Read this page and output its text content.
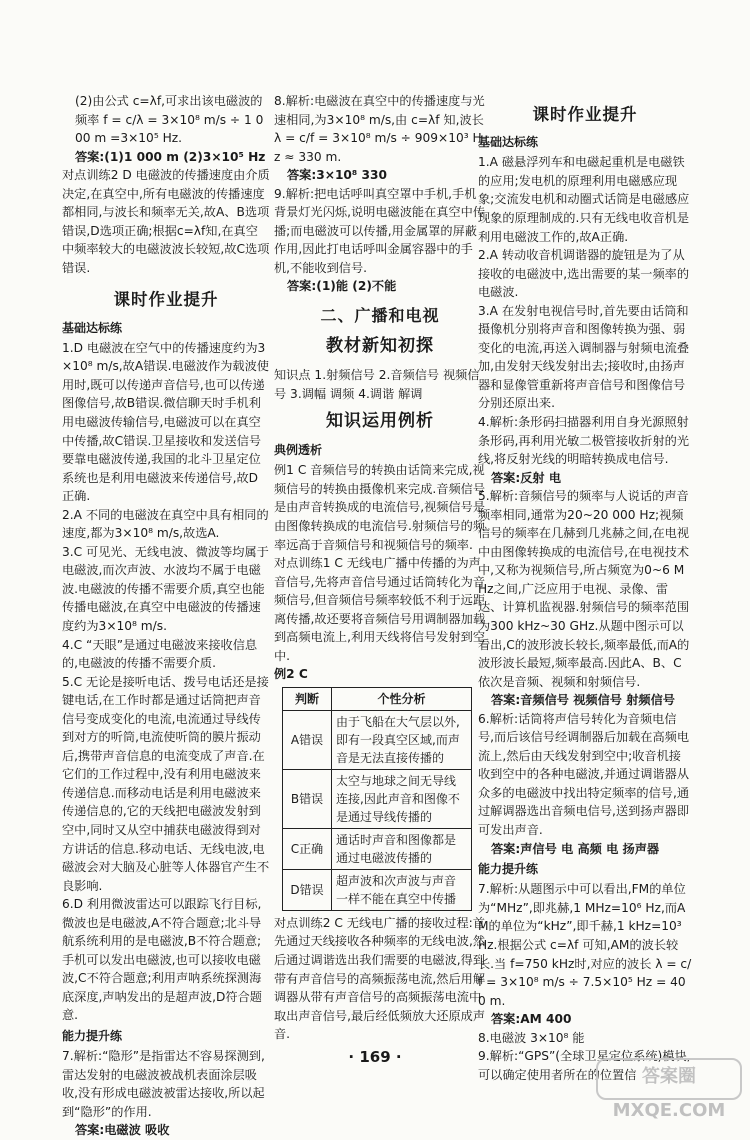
(2)由公式 c=λf,可求出该电磁波的频率 f = c/λ = 3×10⁸ m/s ÷ 1 000 m =3×10⁵ Hz.

答案:(1)1 000 m (2)3×10⁵ Hz

对点训练2 D 电磁波的传播速度由介质决定,在真空中,所有电磁波的传播速度都相同,与波长和频率无关,故A、B选项错误,D选项正确;根据c=λf知,在真空中频率较大的电磁波波长较短,故C选项错误.

课时作业提升
基础达标练

1.D 电磁波在空气中的传播速度约为3×10⁸ m/s,故A错误.电磁波作为载波使用时,既可以传递声音信号,也可以传递图像信号,故B错误.微信聊天时手机利用电磁波传输信号,电磁波可以在真空中传播,故C错误.卫星接收和发送信号要靠电磁波传递,我国的北斗卫星定位系统也是利用电磁波来传递信号,故D正确.

2.A 不同的电磁波在真空中具有相同的速度,都为3×10⁸ m/s,故选A.

3.C 可见光、无线电波、微波等均属于电磁波,而次声波、水波均不属于电磁波.电磁波的传播不需要介质,真空也能传播电磁波,在真空中电磁波的传播速度约为3×10⁸ m/s.

4.C “天眼”是通过电磁波来接收信息的,电磁波的传播不需要介质.

5.C 无论是接听电话、拨号电话还是接键电话,在工作时都是通过话筒把声音信号变成变化的电流,电流通过导线传到对方的听筒,电流使听筒的膜片振动后,携带声音信息的电流变成了声音.在它们的工作过程中,没有利用电磁波来传递信息.而移动电话是利用电磁波来传递信息的,它的天线把电磁波发射到空中,同时又从空中捕获电磁波得到对方讲话的信息.移动电话、无线电波,电磁波会对大脑及心脏等人体器官产生不良影响.

6.D 利用微波雷达可以跟踪飞行目标,微波也是电磁波,A不符合题意;北斗导航系统利用的是电磁波,B不符合题意;手机可以发出电磁波,也可以接收电磁波,C不符合题意;利用声呐系统探测海底深度,声呐发出的是超声波,D符合题意.

能力提升练

7.解析:“隐形”是指雷达不容易探测到,雷达发射的电磁波被战机表面涂层吸收,没有形成电磁波被雷达接收,所以起到“隐形”的作用.

答案:电磁波 吸收

8.解析:电磁波在真空中的传播速度与光速相同,为3×10⁸ m/s,由 c=λf 知,波长 λ = c/f = 3×10⁸ m/s ÷ 909×10³ Hz ≈ 330 m.

答案:3×10⁸ 330

9.解析:把电话呼叫真空罩中手机,手机背景灯光闪烁,说明电磁波能在真空中传播;而电磁波可以传播,用金属罩的屏蔽作用,因此打电话呼叫金属容器中的手机,不能收到信号.

答案:(1)能 (2)不能

二、广播和电视
教材新知初探

知识点 1.射频信号 2.音频信号 视频信号 3.调幅 调频 4.调谐 解调

知识运用例析
典例透析

例1 C 音频信号的转换由话筒来完成,视频信号的转换由摄像机来完成.音频信号是由声音转换成的电流信号,视频信号是由图像转换成的电流信号.射频信号的频率远高于音频信号和视频信号的频率.

对点训练1 C 无线电广播中传播的为声音信号,先将声音信号通过话筒转化为音频信号,但音频信号频率较低不利于远距离传播,故还要将音频信号用调制器加载到高频电流上,利用天线将信号发射到空中.

例2 C

判断	个性分析
A错误	由于飞船在大气层以外,即有一段真空区域,而声音是无法直接传播的
B错误	太空与地球之间无导线连接,因此声音和图像不是通过导线传播的
C正确	通话时声音和图像都是通过电磁波传播的
D错误	超声波和次声波与声音一样不能在真空中传播

对点训练2 C 无线电广播的接收过程:首先通过天线接收各种频率的无线电波,然后通过调谐选出我们需要的电磁波,得到带有声音信号的高频振荡电流,然后用解调器从带有声音信号的高频振荡电流中取出声音信号,最后经低频放大还原成声音.

课时作业提升
基础达标练

1.A 磁悬浮列车和电磁起重机是电磁铁的应用;发电机的原理利用电磁感应现象;交流发电机和动圈式话筒是电磁感应现象的原理制成的.只有无线电收音机是利用电磁波工作的,故A正确.

2.A 转动收音机调谐器的旋钮是为了从接收的电磁波中,选出需要的某一频率的电磁波.

3.A 在发射电视信号时,首先要由话筒和摄像机分别将声音和图像转换为强、弱变化的电流,再送入调制器与射频电流叠加,由发射天线发射出去;接收时,由扬声器和显像管重新将声音信号和图像信号分别还原出来.

4.解析:条形码扫描器利用自身光源照射条形码,再利用光敏二极管接收折射的光线,将反射光线的明暗转换成电信号.

答案:反射 电

5.解析:音频信号的频率与人说话的声音频率相同,通常为20~20 000 Hz;视频信号的频率在几赫到几兆赫之间,在电视中由图像转换成的电流信号,在电视技术中,又称为视频信号,所占频宽为0~6 MHz之间,广泛应用于电视、录像、雷达、计算机监视器.射频信号的频率范围为300 kHz~30 GHz.从题中图示可以看出,C的波形波长较长,频率最低,而A的波形波长最短,频率最高.因此A、B、C依次是音频、视频和射频信号.

答案:音频信号 视频信号 射频信号

6.解析:话筒将声信号转化为音频电信号,而后该信号经调制器后加载在高频电流上,然后由天线发射到空中;收音机接收到空中的各种电磁波,并通过调谐器从众多的电磁波中找出特定频率的信号,通过解调器选出音频电信号,送到扬声器即可发出声音.

答案:声信号 电 高频 电 扬声器

能力提升练

7.解析:从题图示中可以看出,FM的单位为“MHz”,即兆赫,1 MHz=10⁶ Hz,而AM的单位为“kHz”,即千赫,1 kHz=10³ Hz.根据公式 c=λf 可知,AM的波长较长.当 f=750 kHz时,对应的波长 λ = c/f = 3×10⁸ m/s ÷ 7.5×10⁵ Hz = 400 m.

答案:AM 400

8.电磁波 3×10⁸ 能

9.解析:“GPS”(全球卫星定位系统)模块,可以确定使用者所在的位置信

· 169 ·
答案圈 MXQE.COM
